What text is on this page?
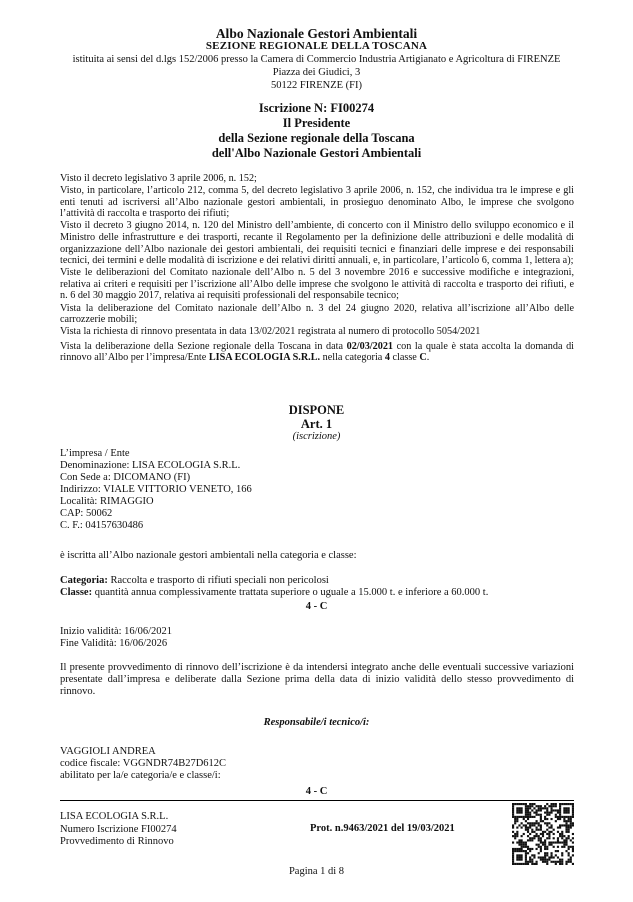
Albo Nazionale Gestori Ambientali
SEZIONE REGIONALE DELLA TOSCANA
istituita ai sensi del d.lgs 152/2006 presso la Camera di Commercio Industria Artigianato e Agricoltura di FIRENZE
Piazza dei Giudici, 3
50122 FIRENZE (FI)
Iscrizione N: FI00274
Il Presidente
della Sezione regionale della Toscana
dell'Albo Nazionale Gestori Ambientali

Visto il decreto legislativo 3 aprile 2006, n. 152;

Visto, in particolare, l’articolo 212, comma 5, del decreto legislativo 3 aprile 2006, n. 152, che individua tra le imprese e gli enti tenuti ad iscriversi all’Albo nazionale gestori ambientali, in prosieguo denominato Albo, le imprese che svolgono l’attività di raccolta e trasporto dei rifiuti;

Visto il decreto 3 giugno 2014, n. 120 del Ministro dell’ambiente, di concerto con il Ministro dello sviluppo economico e il Ministro delle infrastrutture e dei trasporti, recante il Regolamento per la definizione delle attribuzioni e delle modalità di organizzazione dell’Albo nazionale dei gestori ambientali, dei requisiti tecnici e finanziari delle imprese e dei responsabili tecnici, dei termini e delle modalità di iscrizione e dei relativi diritti annuali, e, in particolare, l’articolo 6, comma 1, lettera a);

Viste le deliberazioni del Comitato nazionale dell’Albo n. 5 del 3 novembre 2016 e successive modifiche e integrazioni, relativa ai criteri e requisiti per l’iscrizione all’Albo delle imprese che svolgono le attività di raccolta e trasporto dei rifiuti, e n. 6 del 30 maggio 2017, relativa ai requisiti professionali del responsabile tecnico;

Vista la deliberazione del Comitato nazionale dell’Albo n. 3 del 24 giugno 2020, relativa all’iscrizione all’Albo delle carrozzerie mobili;

Vista la richiesta di rinnovo presentata in data 13/02/2021 registrata al numero di protocollo 5054/2021

Vista la deliberazione della Sezione regionale della Toscana in data 02/03/2021 con la quale è stata accolta la domanda di rinnovo all’Albo per l’impresa/Ente LISA ECOLOGIA S.R.L. nella categoria 4 classe C.

DISPONE
Art. 1
(iscrizione)
L’impresa / Ente
Denominazione: LISA ECOLOGIA S.R.L.
Con Sede a: DICOMANO (FI)
Indirizzo: VIALE VITTORIO VENETO, 166
Località: RIMAGGIO
CAP: 50062
C. F.: 04157630486
è iscritta all’Albo nazionale gestori ambientali nella categoria e classe:
Categoria: Raccolta e trasporto di rifiuti speciali non pericolosi
Classe: quantità annua complessivamente trattata superiore o uguale a 15.000 t. e inferiore a 60.000 t.
4 - C
Inizio validità: 16/06/2021
Fine Validità: 16/06/2026
Il presente provvedimento di rinnovo dell’iscrizione è da intendersi integrato anche delle eventuali successive variazioni presentate dall’impresa e deliberate dalla Sezione prima della data di inizio validità dello stesso provvedimento di rinnovo.
Responsabile/i tecnico/i:
VAGGIOLI ANDREA
codice fiscale: VGGNDR74B27D612C
abilitato per la/e categoria/e e classe/i:
4 - C
LISA ECOLOGIA S.R.L.
Numero Iscrizione FI00274
Provvedimento di Rinnovo
Prot. n.9463/2021 del 19/03/2021
Pagina 1 di 8
